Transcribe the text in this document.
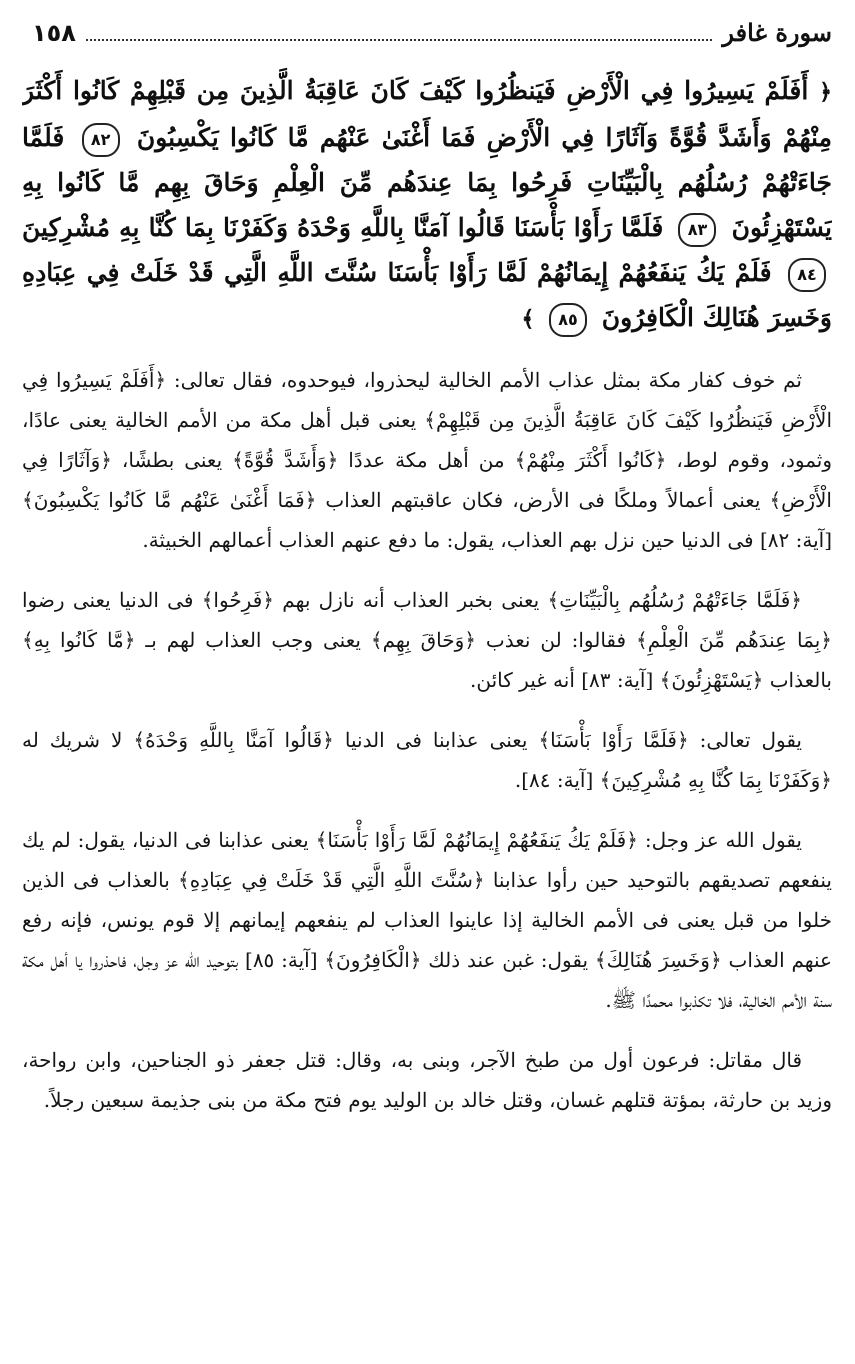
١٥٨	سورة غافر
﴿ أَفَلَمْ يَسِيرُوا فِي الْأَرْضِ فَيَنظُرُوا كَيْفَ كَانَ عَاقِبَةُ الَّذِينَ مِن قَبْلِهِمْ كَانُوا أَكْثَرَ مِنْهُمْ وَأَشَدَّ قُوَّةً وَآثَارًا فِي الْأَرْضِ فَمَا أَغْنَىٰ عَنْهُم مَّا كَانُوا يَكْسِبُونَ ٨٢ فَلَمَّا جَاءَتْهُمْ رُسُلُهُم بِالْبَيِّنَاتِ فَرِحُوا بِمَا عِندَهُم مِّنَ الْعِلْمِ وَحَاقَ بِهِم مَّا كَانُوا بِهِ يَسْتَهْزِئُونَ ٨٣ فَلَمَّا رَأَوْا بَأْسَنَا قَالُوا آمَنَّا بِاللَّهِ وَحْدَهُ وَكَفَرْنَا بِمَا كُنَّا بِهِ مُشْرِكِينَ ٨٤ فَلَمْ يَكُ يَنفَعُهُمْ إِيمَانُهُمْ لَمَّا رَأَوْا بَأْسَنَا سُنَّتَ اللَّهِ الَّتِي قَدْ خَلَتْ فِي عِبَادِهِ وَخَسِرَ هُنَالِكَ الْكَافِرُونَ ٨٥ ﴾

ثم خوف كفار مكة بمثل عذاب الأمم الخالية ليحذروا، فيوحدوه، فقال تعالى: ﴿أَفَلَمْ يَسِيرُوا فِي الْأَرْضِ فَيَنظُرُوا كَيْفَ كَانَ عَاقِبَةُ الَّذِينَ مِن قَبْلِهِمْ﴾ يعنى قبل أهل مكة من الأمم الخالية يعنى عادًا، وثمود، وقوم لوط، ﴿كَانُوا أَكْثَرَ مِنْهُمْ﴾ من أهل مكة عددًا ﴿وَأَشَدَّ قُوَّةً﴾ يعنى بطشًا، ﴿وَآثَارًا فِي الْأَرْضِ﴾ يعنى أعمالاً وملكًا فى الأرض، فكان عاقبتهم العذاب ﴿فَمَا أَغْنَىٰ عَنْهُم مَّا كَانُوا يَكْسِبُونَ﴾ [آية: ٨٢] فى الدنيا حين نزل بهم العذاب، يقول: ما دفع عنهم العذاب أعمالهم الخبيثة.

﴿فَلَمَّا جَاءَتْهُمْ رُسُلُهُم بِالْبَيِّنَاتِ﴾ يعنى بخبر العذاب أنه نازل بهم ﴿فَرِحُوا﴾ فى الدنيا يعنى رضوا ﴿بِمَا عِندَهُم مِّنَ الْعِلْمِ﴾ فقالوا: لن نعذب ﴿وَحَاقَ بِهِم﴾ يعنى وجب العذاب لهم بـ ﴿مَّا كَانُوا بِهِ﴾ بالعذاب ﴿يَسْتَهْزِئُونَ﴾ [آية: ٨٣] أنه غير كائن.

يقول تعالى: ﴿فَلَمَّا رَأَوْا بَأْسَنَا﴾ يعنى عذابنا فى الدنيا ﴿قَالُوا آمَنَّا بِاللَّهِ وَحْدَهُ﴾ لا شريك له ﴿وَكَفَرْنَا بِمَا كُنَّا بِهِ مُشْرِكِينَ﴾ [آية: ٨٤].

يقول الله عز وجل: ﴿فَلَمْ يَكُ يَنفَعُهُمْ إِيمَانُهُمْ لَمَّا رَأَوْا بَأْسَنَا﴾ يعنى عذابنا فى الدنيا، يقول: لم يك ينفعهم تصديقهم بالتوحيد حين رأوا عذابنا ﴿سُنَّتَ اللَّهِ الَّتِي قَدْ خَلَتْ فِي عِبَادِهِ﴾ بالعذاب فى الذين خلوا من قبل يعنى فى الأمم الخالية إذا عاينوا العذاب لم ينفعهم إيمانهم إلا قوم يونس، فإنه رفع عنهم العذاب ﴿وَخَسِرَ هُنَالِكَ﴾ يقول: غبن عند ذلك ﴿الْكَافِرُونَ﴾ [آية: ٨٥] بتوحيد الله عز وجل، فاحذروا يا أهل مكة سنة الأمم الخالية، فلا تكذبوا محمدًا ﷺ.

قال مقاتل: فرعون أول من طبخ الآجر، وبنى به، وقال: قتل جعفر ذو الجناحين، وابن رواحة، وزيد بن حارثة، بمؤتة قتلهم غسان، وقتل خالد بن الوليد يوم فتح مكة من بنى جذيمة سبعين رجلاً.
